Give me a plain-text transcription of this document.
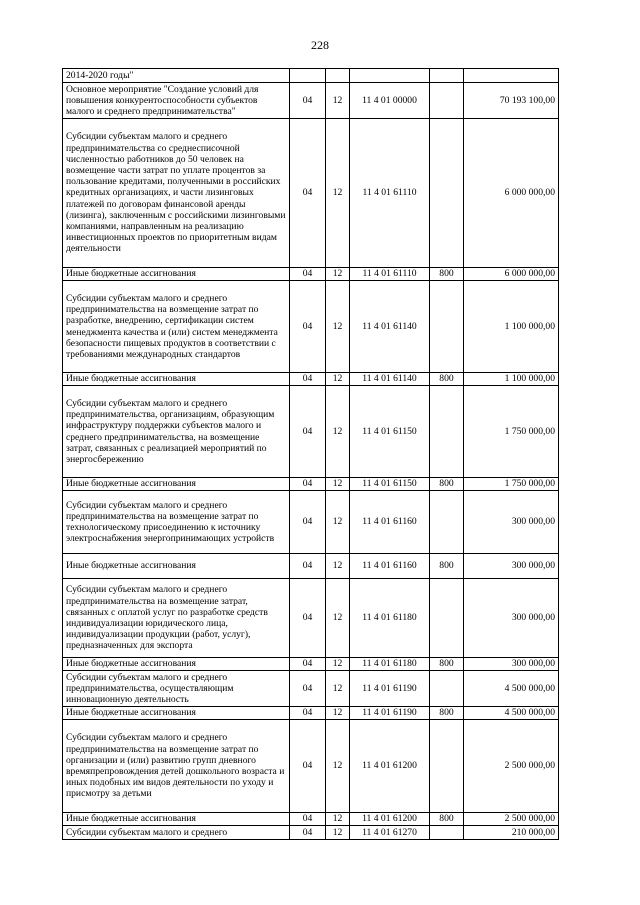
228
2014-2020 годы"					
Основное мероприятие "Создание условий для повышения конкурентоспособности субъектов малого и среднего предпринимательства"	04	12	11 4 01 00000		70 193 100,00
Субсидии субъектам малого и среднего предпринимательства со среднесписочной численностью работников до 50 человек на возмещение части затрат по уплате процентов за пользование кредитами, полученными в российских кредитных организациях, и части лизинговых платежей по договорам финансовой аренды (лизинга), заключенным с российскими лизинговыми компаниями, направленным на реализацию инвестиционных проектов по приоритетным видам деятельности	04	12	11 4 01 61110		6 000 000,00
Иные бюджетные ассигнования	04	12	11 4 01 61110	800	6 000 000,00
Субсидии субъектам малого и среднего предпринимательства на возмещение затрат по разработке, внедрению, сертификации систем менеджмента качества и (или) систем менеджмента безопасности пищевых продуктов в соответствии с требованиями международных стандартов	04	12	11 4 01 61140		1 100 000,00
Иные бюджетные ассигнования	04	12	11 4 01 61140	800	1 100 000,00
Субсидии субъектам малого и среднего предпринимательства, организациям, образующим инфраструктуру поддержки субъектов малого и среднего предпринимательства, на возмещение затрат, связанных с реализацией мероприятий по энергосбережению	04	12	11 4 01 61150		1 750 000,00
Иные бюджетные ассигнования	04	12	11 4 01 61150	800	1 750 000,00
Субсидии субъектам малого и среднего предпринимательства на возмещение затрат по технологическому присоединению к источнику электроснабжения энергопринимающих устройств	04	12	11 4 01 61160		300 000,00
Иные бюджетные ассигнования	04	12	11 4 01 61160	800	300 000,00
Субсидии субъектам малого и среднего предпринимательства на возмещение затрат, связанных с оплатой услуг по разработке средств индивидуализации юридического лица, индивидуализации продукции (работ, услуг), предназначенных для экспорта	04	12	11 4 01 61180		300 000,00
Иные бюджетные ассигнования	04	12	11 4 01 61180	800	300 000,00
Субсидии субъектам малого и среднего предпринимательства, осуществляющим инновационную деятельность	04	12	11 4 01 61190		4 500 000,00
Иные бюджетные ассигнования	04	12	11 4 01 61190	800	4 500 000,00
Субсидии субъектам малого и среднего предпринимательства на возмещение затрат по организации и (или) развитию групп дневного времяпрепровождения детей дошкольного возраста и иных подобных им видов деятельности по уходу и присмотру за детьми	04	12	11 4 01 61200		2 500 000,00
Иные бюджетные ассигнования	04	12	11 4 01 61200	800	2 500 000,00
Субсидии субъектам малого и среднего	04	12	11 4 01 61270		210 000,00
